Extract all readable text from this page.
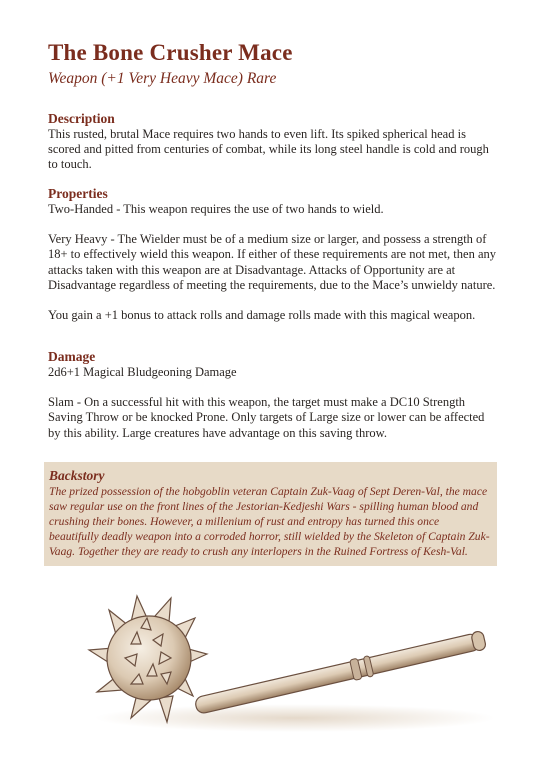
The Bone Crusher Mace
Weapon (+1 Very Heavy Mace) Rare
Description
This rusted, brutal Mace requires two hands to even lift. Its spiked spherical head is scored and pitted from centuries of combat, while its long steel handle is cold and rough to touch.
Properties
Two-Handed - This weapon requires the use of two hands to wield.
Very Heavy - The Wielder must be of a medium size or larger, and possess a strength of 18+ to effectively wield this weapon. If either of these requirements are not met, then any attacks taken with this weapon are at Disadvantage. Attacks of Opportunity are at Disadvantage regardless of meeting the requirements, due to the Mace’s unwieldy nature.
You gain a +1 bonus to attack rolls and damage rolls made with this magical weapon.
Damage
2d6+1 Magical Bludgeoning Damage
Slam - On a successful hit with this weapon, the target must make a DC10 Strength Saving Throw or be knocked Prone. Only targets of Large size or lower can be affected by this ability. Large creatures have advantage on this saving throw.
Backstory
The prized possession of the hobgoblin veteran Captain Zuk-Vaag of Sept Deren-Val, the mace saw regular use on the front lines of the Jestorian-Kedjeshi Wars - spilling human blood and crushing their bones. However, a millenium of rust and entropy has turned this once beautifully deadly weapon into a corroded horror, still wielded by the Skeleton of Captain Zuk-Vaag. Together they are ready to crush any interlopers in the Ruined Fortress of Kesh-Val.
